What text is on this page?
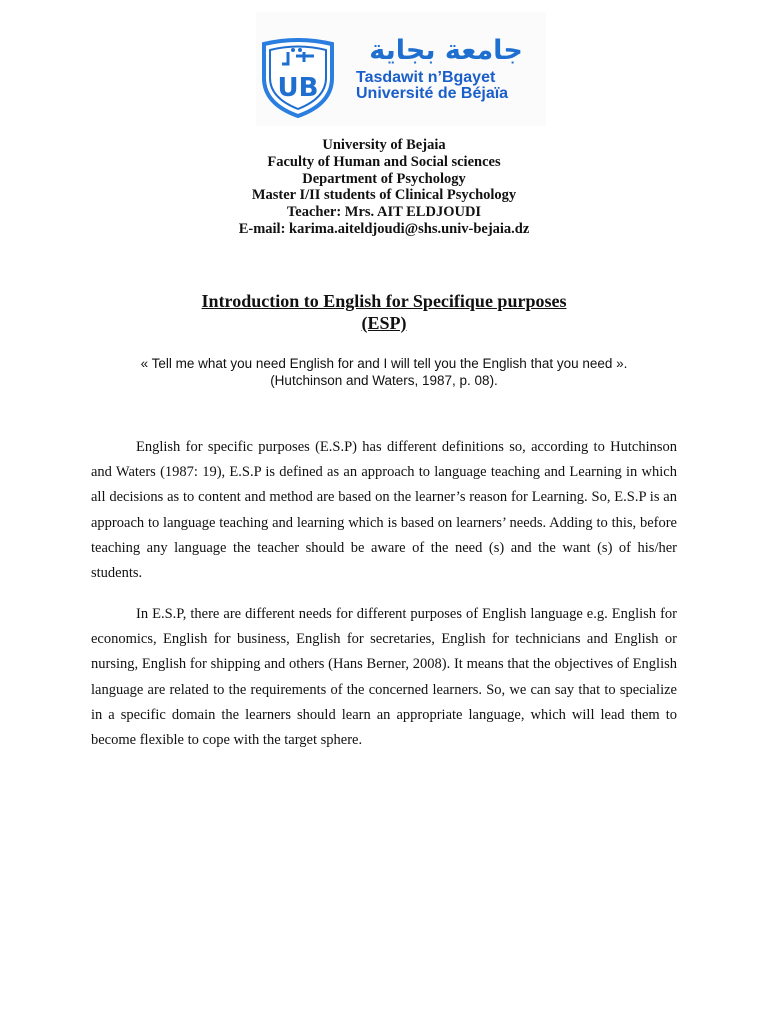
UB
جامعة بجاية
Tasdawit n’Bgayet
Université de Béjaïa
University of Bejaia
Faculty of Human and Social sciences
Department of Psychology
Master I/II students of Clinical Psychology
Teacher: Mrs. AIT ELDJOUDI
E-mail: karima.aiteldjoudi@shs.univ-bejaia.dz
Introduction to English for Specifique purposes
(ESP)
« Tell me what you need English for and I will tell you the English that you need ».
(Hutchinson and Waters, 1987, p. 08).

English for specific purposes (E.S.P) has different definitions so, according to Hutchinson and Waters (1987: 19), E.S.P is defined as an approach to language teaching and Learning in which all decisions as to content and method are based on the learner’s reason for Learning. So, E.S.P is an approach to language teaching and learning which is based on learners’ needs. Adding to this, before teaching any language the teacher should be aware of the need (s) and the want (s) of his/her students.

In E.S.P, there are different needs for different purposes of English language e.g. English for economics, English for business, English for secretaries, English for technicians and English or nursing, English for shipping and others (Hans Berner, 2008). It means that the objectives of English language are related to the requirements of the concerned learners. So, we can say that to specialize in a specific domain the learners should learn an appropriate language, which will lead them to become flexible to cope with the target sphere.
